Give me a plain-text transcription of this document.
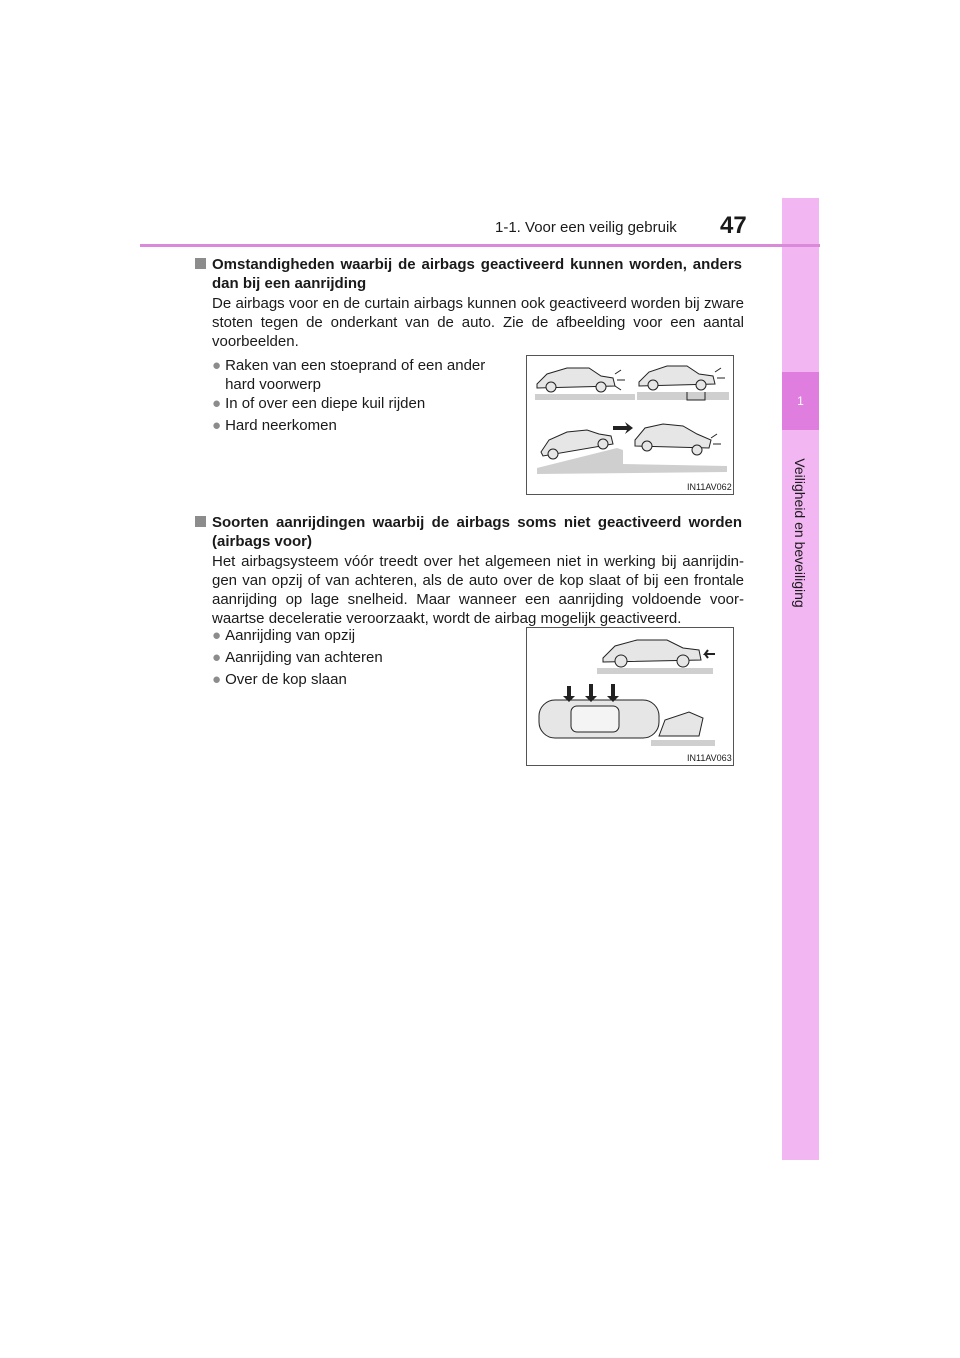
1
Veiligheid en beveiliging
1-1. Voor een veilig gebruik 47
Omstandigheden waarbij de airbags geactiveerd kunnen worden, anders dan bij een aanrijding
De airbags voor en de curtain airbags kunnen ook geactiveerd worden bij zware stoten tegen de onderkant van de auto. Zie de afbeelding voor een aantal voorbeelden.
● Raken van een stoeprand of een ander hard voorwerp
● In of over een diepe kuil rijden
● Hard neerkomen
IN11AV062
Soorten aanrijdingen waarbij de airbags soms niet geactiveerd worden (airbags voor)
Het airbagsysteem vóór treedt over het algemeen niet in werking bij aanrijdin-gen van opzij of van achteren, als de auto over de kop slaat of bij een frontale aanrijding op lage snelheid. Maar wanneer een aanrijding voldoende voor-waartse deceleratie veroorzaakt, wordt de airbag mogelijk geactiveerd.
● Aanrijding van opzij
● Aanrijding van achteren
● Over de kop slaan
IN11AV063
